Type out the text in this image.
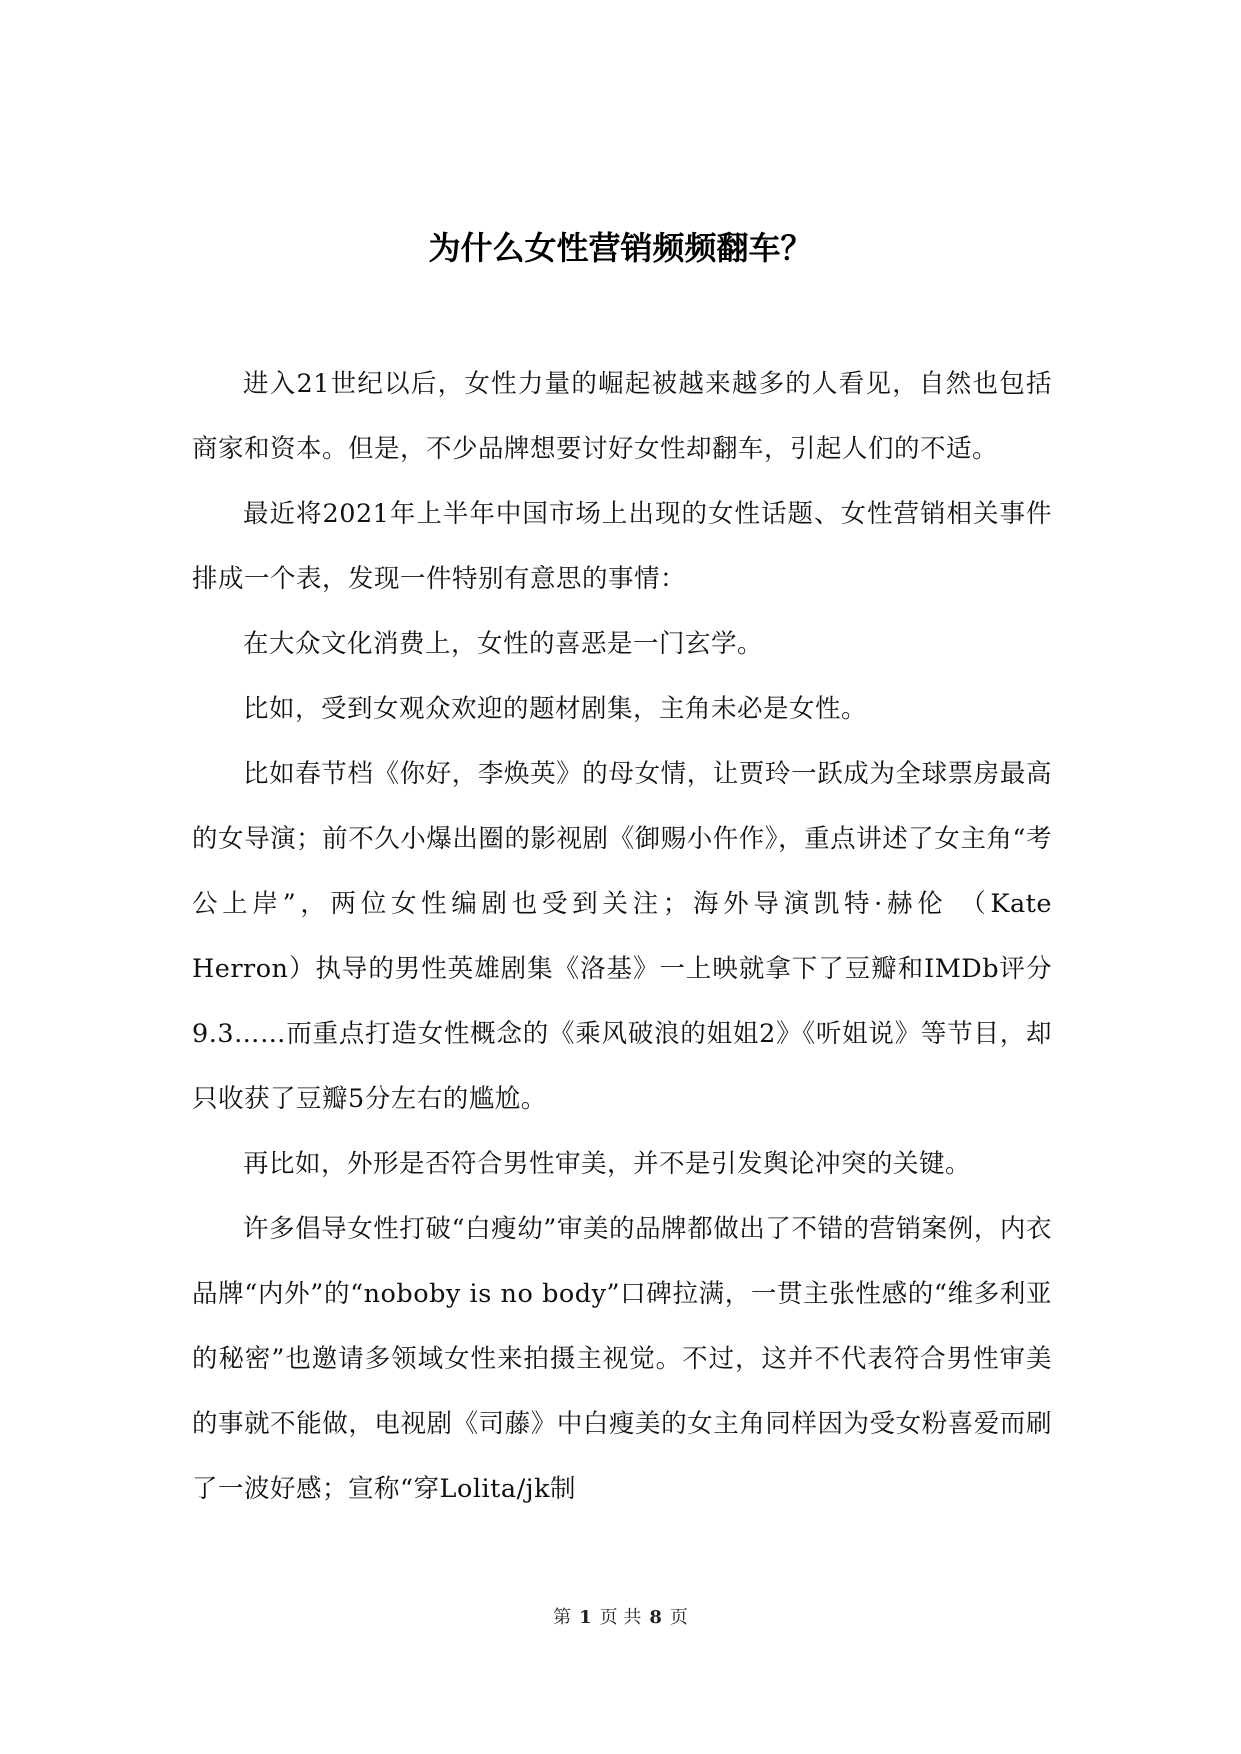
为什么女性营销频频翻车？

进入21世纪以后，女性力量的崛起被越来越多的人看见，自然也包括商家和资本。但是，不少品牌想要讨好女性却翻车，引起人们的不适。

最近将2021年上半年中国市场上出现的女性话题、女性营销相关事件排成一个表，发现一件特别有意思的事情：

在大众文化消费上，女性的喜恶是一门玄学。

比如，受到女观众欢迎的题材剧集，主角未必是女性。

比如春节档《你好，李焕英》的母女情，让贾玲一跃成为全球票房最高的女导演；前不久小爆出圈的影视剧《御赐小仵作》，重点讲述了女主角“考公上岸”，两位女性编剧也受到关注；海外导演凯特·赫伦 （Kate Herron）执导的男性英雄剧集《洛基》一上映就拿下了豆瓣和IMDb评分9.3……而重点打造女性概念的《乘风破浪的姐姐2》《听姐说》等节目，却只收获了豆瓣5分左右的尴尬。

再比如，外形是否符合男性审美，并不是引发舆论冲突的关键。

许多倡导女性打破“白瘦幼”审美的品牌都做出了不错的营销案例，内衣品牌“内外”的“noboby is no body”口碑拉满，一贯主张性感的“维多利亚的秘密”也邀请多领域女性来拍摄主视觉。不过，这并不代表符合男性审美的事就不能做，电视剧《司藤》中白瘦美的女主角同样因为受女粉喜爱而刷了一波好感；宣称“穿Lolita/jk制

第 1 页 共 8 页
